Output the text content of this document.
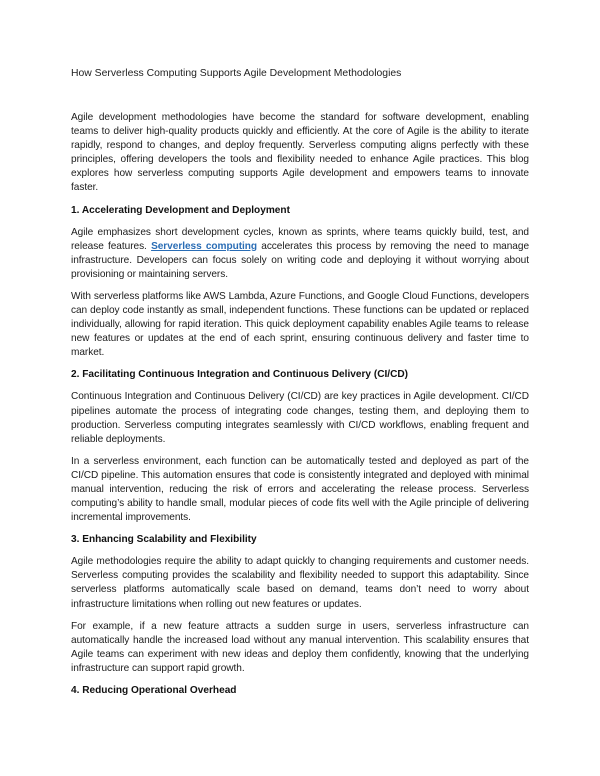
How Serverless Computing Supports Agile Development Methodologies

Agile development methodologies have become the standard for software development, enabling teams to deliver high-quality products quickly and efficiently. At the core of Agile is the ability to iterate rapidly, respond to changes, and deploy frequently. Serverless computing aligns perfectly with these principles, offering developers the tools and flexibility needed to enhance Agile practices. This blog explores how serverless computing supports Agile development and empowers teams to innovate faster.

1. Accelerating Development and Deployment

Agile emphasizes short development cycles, known as sprints, where teams quickly build, test, and release features. Serverless computing accelerates this process by removing the need to manage infrastructure. Developers can focus solely on writing code and deploying it without worrying about provisioning or maintaining servers.

With serverless platforms like AWS Lambda, Azure Functions, and Google Cloud Functions, developers can deploy code instantly as small, independent functions. These functions can be updated or replaced individually, allowing for rapid iteration. This quick deployment capability enables Agile teams to release new features or updates at the end of each sprint, ensuring continuous delivery and faster time to market.

2. Facilitating Continuous Integration and Continuous Delivery (CI/CD)

Continuous Integration and Continuous Delivery (CI/CD) are key practices in Agile development. CI/CD pipelines automate the process of integrating code changes, testing them, and deploying them to production. Serverless computing integrates seamlessly with CI/CD workflows, enabling frequent and reliable deployments.

In a serverless environment, each function can be automatically tested and deployed as part of the CI/CD pipeline. This automation ensures that code is consistently integrated and deployed with minimal manual intervention, reducing the risk of errors and accelerating the release process. Serverless computing’s ability to handle small, modular pieces of code fits well with the Agile principle of delivering incremental improvements.

3. Enhancing Scalability and Flexibility

Agile methodologies require the ability to adapt quickly to changing requirements and customer needs. Serverless computing provides the scalability and flexibility needed to support this adaptability. Since serverless platforms automatically scale based on demand, teams don’t need to worry about infrastructure limitations when rolling out new features or updates.

For example, if a new feature attracts a sudden surge in users, serverless infrastructure can automatically handle the increased load without any manual intervention. This scalability ensures that Agile teams can experiment with new ideas and deploy them confidently, knowing that the underlying infrastructure can support rapid growth.

4. Reducing Operational Overhead
